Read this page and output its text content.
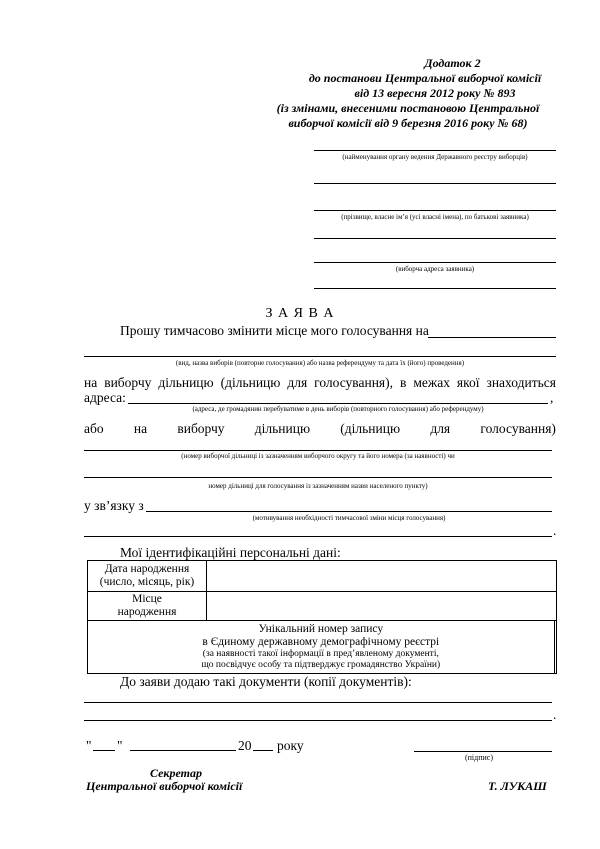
Додаток 2
до постанови Центральної виборчої комісії
від 13 вересня 2012 року № 893
(із змінами, внесеними постановою Центральної
виборчої комісії від 9 березня 2016 року № 68)
(найменування органу ведення Державного реєстру виборців)
(прізвище, власне ім’я (усі власні імена), по батькові заявника)
(виборча адреса заявника)
З А Я В А
Прошу тимчасово змінити місце мого голосування на
(вид, назва виборів (повторне голосування) або назва референдуму та дата їх (його) проведення)
на виборчу дільницю (дільницю для голосування), в межах якої знаходиться
адреса:	,
(адреса, де громадянин перебуватиме в день виборів (повторного голосування) або референдуму)
або на виборчу дільницю (дільницю для голосування)
(номер виборчої дільниці із зазначенням виборчого округу та його номера (за наявності) чи
номер дільниці для голосування із зазначенням назви населеного пункту)
у зв’язку з
(мотивування необхідності тимчасової зміни місця голосування)
.
Мої ідентифікаційні персональні дані:
Дата народження
(число, місяць, рік)		

Місце
народження		

Унікальний номер запису
в Єдиному державному демографічному реєстрі
(за наявності такої інформації в пред’явленому документі,
що посвідчує особу та підтверджує громадянство України)		

До заяви додаю такі документи (копії документів):
.
" "	20 року
(підпис)
Секретар
Центральної виборчої комісії	Т. ЛУКАШ
